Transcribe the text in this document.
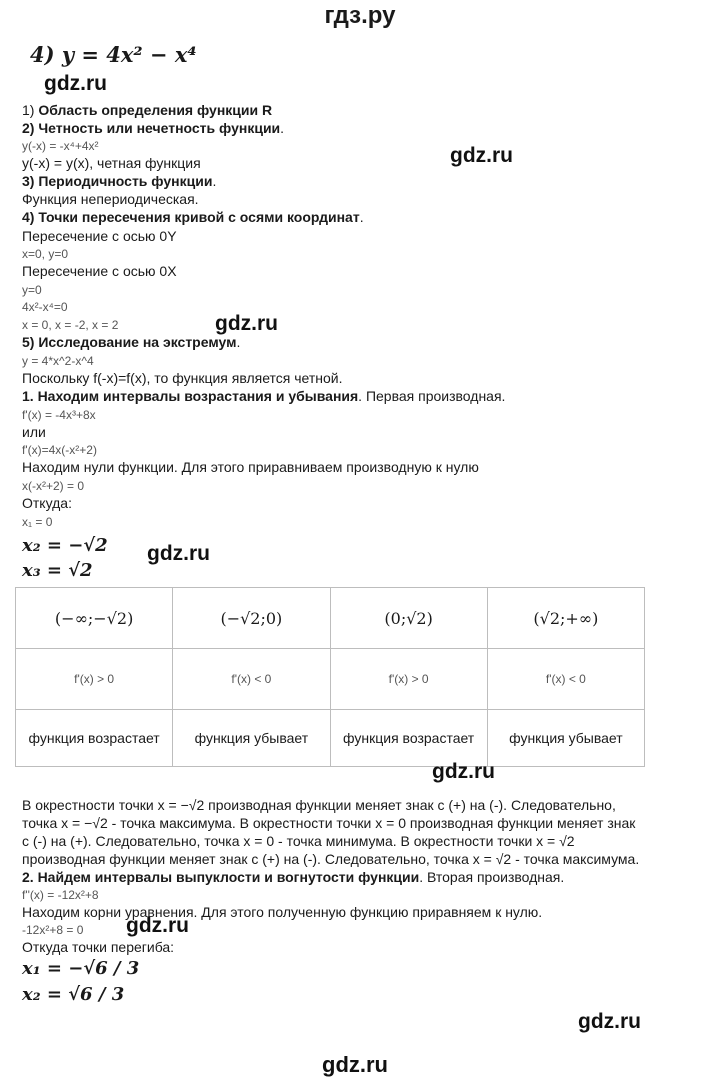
гдз.ру
4) y = 4x² − x⁴
gdz.ru
1) Область определения функции R
2) Четность или нечетность функции.
y(-x) = -x⁴+4x²
y(-x) = y(x), четная функция	gdz.ru
3) Периодичность функции.
Функция непериодическая.
4) Точки пересечения кривой с осями координат.
Пересечение с осью 0Y
x=0, y=0
Пересечение с осью 0X
y=0
4x²-x⁴=0
x = 0, x = -2, x = 2	gdz.ru
5) Исследование на экстремум.
y = 4*x^2-x^4
Поскольку f(-x)=f(x), то функция является четной.
1. Находим интервалы возрастания и убывания. Первая производная.
f'(x) = -4x³+8x
или
f'(x)=4x(-x²+2)
Находим нули функции. Для этого приравниваем производную к нулю
x(-x²+2) = 0
Откуда:
x₁ = 0
x₂ = −√2
x₃ = √2
gdz.ru
(−∞;−√2)	(−√2;0)	(0;√2)	(√2;+∞)
f'(x) > 0	f'(x) < 0	f'(x) > 0	f'(x) < 0
функция возрастает	функция убывает	функция возрастает	функция убывает
gdz.ru
В окрестности точки x = −√2 производная функции меняет знак с (+) на (-). Следовательно,
точка x = −√2 - точка максимума. В окрестности точки x = 0 производная функции меняет знак
с (-) на (+). Следовательно, точка x = 0 - точка минимума. В окрестности точки x = √2
производная функции меняет знак с (+) на (-). Следовательно, точка x = √2 - точка максимума.
2. Найдем интервалы выпуклости и вогнутости функции. Вторая производная.
f''(x) = -12x²+8
Находим корни уравнения. Для этого полученную функцию приравняем к нулю.
-12x²+8 = 0 gdz.ru
Откуда точки перегиба:
x₁ = −√6 / 3
x₂ = √6 / 3
gdz.ru
gdz.ru
